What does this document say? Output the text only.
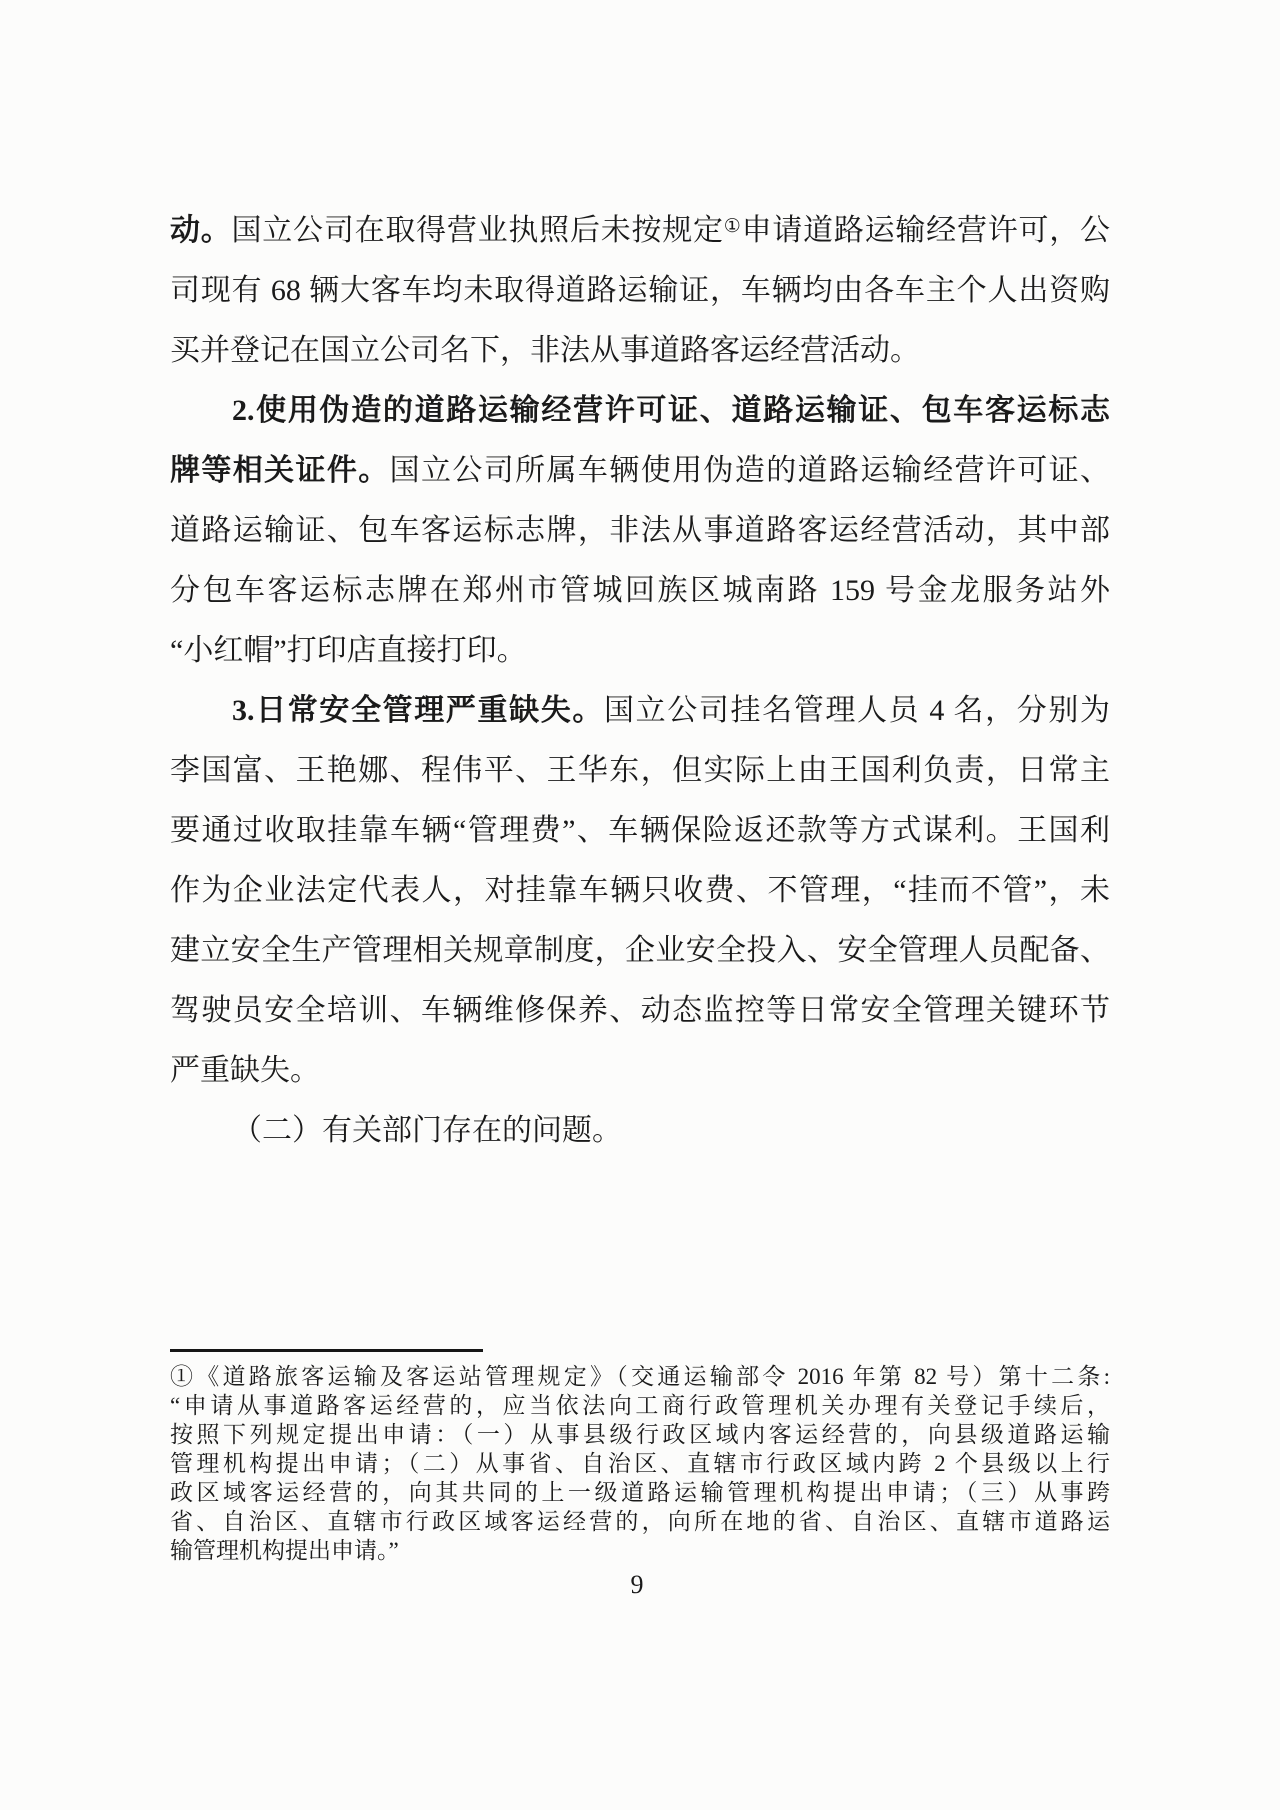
动。国立公司在取得营业执照后未按规定①申请道路运输经营许可，公
司现有 68 辆大客车均未取得道路运输证，车辆均由各车主个人出资购
买并登记在国立公司名下，非法从事道路客运经营活动。
2.使用伪造的道路运输经营许可证、道路运输证、包车客运标志
牌等相关证件。国立公司所属车辆使用伪造的道路运输经营许可证、
道路运输证、包车客运标志牌，非法从事道路客运经营活动，其中部
分包车客运标志牌在郑州市管城回族区城南路 159 号金龙服务站外
“小红帽”打印店直接打印。
3.日常安全管理严重缺失。国立公司挂名管理人员 4 名，分别为
李国富、王艳娜、程伟平、王华东，但实际上由王国利负责，日常主
要通过收取挂靠车辆“管理费”、车辆保险返还款等方式谋利。王国利
作为企业法定代表人，对挂靠车辆只收费、不管理，“挂而不管”，未
建立安全生产管理相关规章制度，企业安全投入、安全管理人员配备、
驾驶员安全培训、车辆维修保养、动态监控等日常安全管理关键环节
严重缺失。
（二）有关部门存在的问题。
①《道路旅客运输及客运站管理规定》（交通运输部令 2016 年第 82 号）第十二条:
“申请从事道路客运经营的，应当依法向工商行政管理机关办理有关登记手续后，
按照下列规定提出申请：（一）从事县级行政区域内客运经营的，向县级道路运输
管理机构提出申请；（二）从事省、自治区、直辖市行政区域内跨 2 个县级以上行
政区域客运经营的，向其共同的上一级道路运输管理机构提出申请；（三）从事跨
省、自治区、直辖市行政区域客运经营的，向所在地的省、自治区、直辖市道路运
输管理机构提出申请。”
9
